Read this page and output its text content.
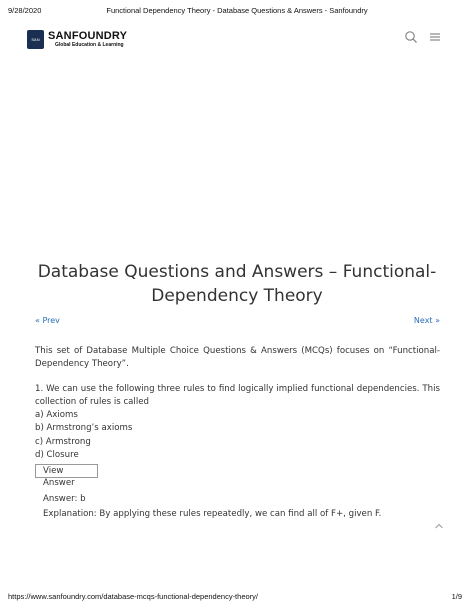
9/28/2020	Functional Dependency Theory - Database Questions & Answers - Sanfoundry
SAN SANFOUNDRY
Global Education & Learning
Database Questions and Answers – Functional-Dependency Theory
« Prev	Next »

This set of Database Multiple Choice Questions & Answers (MCQs) focuses on “Functional-Dependency Theory”.

1. We can use the following three rules to find logically implied functional dependencies. This collection of rules is called

a) Axioms
b) Armstrong’s axioms
c) Armstrong
d) Closure
View Answer
Answer: b
Explanation: By applying these rules repeatedly, we can find all of F+, given F.
https://www.sanfoundry.com/database-mcqs-functional-dependency-theory/	1/9
